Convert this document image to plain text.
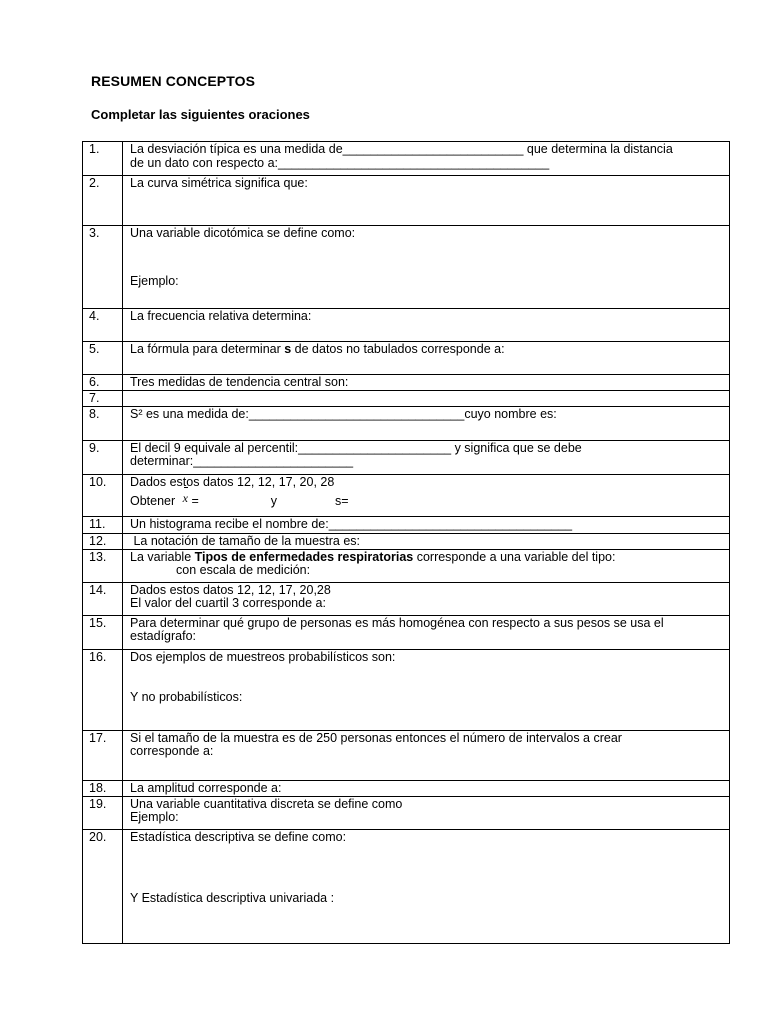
RESUMEN CONCEPTOS
Completar las siguientes oraciones
1.	La desviación típica es una medida de__________________________ que determina la distancia
de un dato con respecto a:_______________________________________

2.	La curva simétrica significa que:

3.	Una variable dicotómica se define como:
Ejemplo:

4.	La frecuencia relativa determina:

5.	La fórmula para determinar s de datos no tabulados corresponde a:

6.	Tres medidas de tendencia central son:

7.	
8.	S² es una medida de:_______________________________cuyo nombre es:

9.	El decil 9 equivale al percentil:______________________ y significa que se debe
determinar:_______________________

10.	Dados estos datos 12, 12, 17, 20, 28
Obtener x = y s=

11.	Un histograma recibe el nombre de:___________________________________

12.	La notación de tamaño de la muestra es:

13.	La variable Tipos de enfermedades respiratorias corresponde a una variable del tipo:
con escala de medición:

14.	Dados estos datos 12, 12, 17, 20,28
El valor del cuartil 3 corresponde a:

15.	Para determinar qué grupo de personas es más homogénea con respecto a sus pesos se usa el
estadígrafo:

16.	Dos ejemplos de muestreos probabilísticos son:
Y no probabilísticos:

17.	Si el tamaño de la muestra es de 250 personas entonces el número de intervalos a crear
corresponde a:

18.	La amplitud corresponde a:

19.	Una variable cuantitativa discreta se define como
Ejemplo:

20.	Estadística descriptiva se define como:
Y Estadística descriptiva univariada :
